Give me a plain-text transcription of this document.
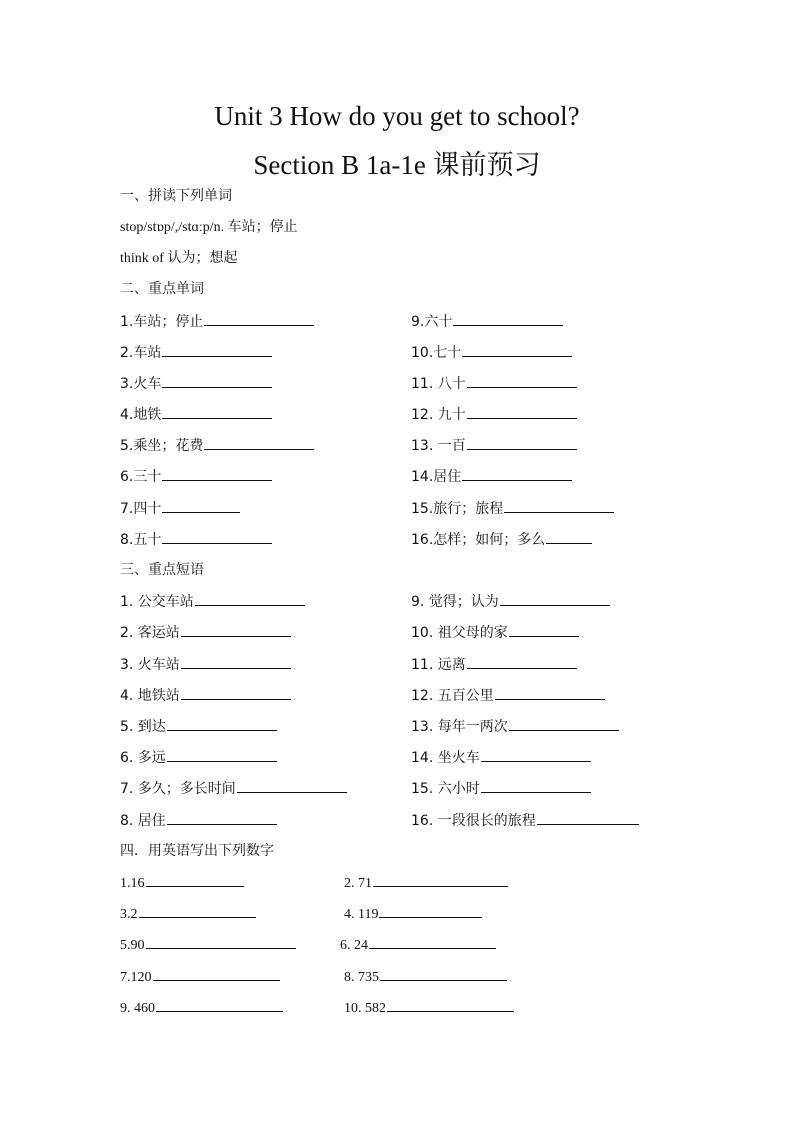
Unit 3 How do you get to school?
Section B 1a-1e 课前预习
一、拼读下列单词
stop/stɒp/,/stɑːp/n. 车站；停止
think of 认为；想起
二、重点单词
1.车站；停止
2.车站
3.火车
4.地铁
5.乘坐；花费
6.三十
7.四十
8.五十
9.六十
10.七十
11. 八十
12. 九十
13. 一百
14.居住
15.旅行；旅程
16.怎样；如何；多么
三、重点短语
1. 公交车站
2. 客运站
3. 火车站
4. 地铁站
5. 到达
6. 多远
7. 多久；多长时间
8. 居住
9. 觉得；认为
10. 祖父母的家
11. 远离
12. 五百公里
13. 每年一两次
14. 坐火车
15. 六小时
16. 一段很长的旅程
四．用英语写出下列数字
1.16
3.2
5.90
7.120
9. 460
2. 71
4. 119
6. 24
8. 735
10. 582
